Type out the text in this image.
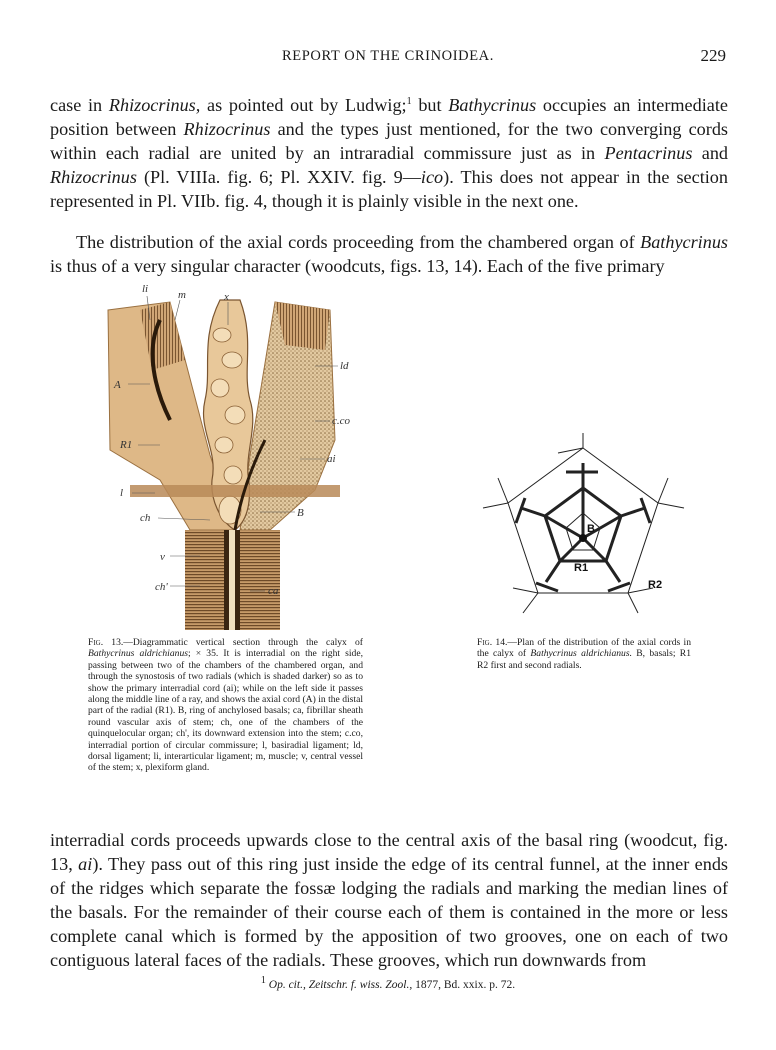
REPORT ON THE CRINOIDEA.	229

case in Rhizocrinus, as pointed out by Ludwig;$^1$ but Bathycrinus occupies an intermediate position between Rhizocrinus and the types just mentioned, for the two converging cords within each radial are united by an intraradial commissure just as in Pentacrinus and Rhizocrinus (Pl. VIIIa. fig. 6; Pl. XXIV. fig. 9—ico). This does not appear in the section represented in Pl. VIIb. fig. 4, though it is plainly visible in the next one.

The distribution of the axial cords proceeding from the chambered organ of Bathycrinus is thus of a very singular character (woodcuts, figs. 13, 14). Each of the five primary

li	m	x
A
R1
l
ch
v
ch'
ld
c.co
ai
B
ca
Fig. 13.—Diagrammatic vertical section through the calyx of Bathycrinus aldrichianus; × 35. It is interradial on the right side, passing between two of the chambers of the chambered organ, and through the synostosis of two radials (which is shaded darker) so as to show the primary interradial cord (ai); while on the left side it passes along the middle line of a ray, and shows the axial cord (A) in the distal part of the radial (R1). B, ring of anchylosed basals; ca, fibrillar sheath round vascular axis of stem; ch, one of the chambers of the quinquelocular organ; ch', its downward extension into the stem; c.co, interradial portion of circular commissure; l, basiradial ligament; ld, dorsal ligament; li, interarticular ligament; m, muscle; v, central vessel of the stem; x, plexiform gland.
B
R1
R2
Fig. 14.—Plan of the distribution of the axial cords in the calyx of Bathycrinus aldrichianus. B, basals; R1 R2 first and second radials.

interradial cords proceeds upwards close to the central axis of the basal ring (woodcut, fig. 13, ai). They pass out of this ring just inside the edge of its central funnel, at the inner ends of the ridges which separate the fossæ lodging the radials and marking the median lines of the basals. For the remainder of their course each of them is contained in the more or less complete canal which is formed by the apposition of two grooves, one on each of two contiguous lateral faces of the radials. These grooves, which run downwards from

$^1$ Op. cit., Zeitschr. f. wiss. Zool., 1877, Bd. xxix. p. 72.
